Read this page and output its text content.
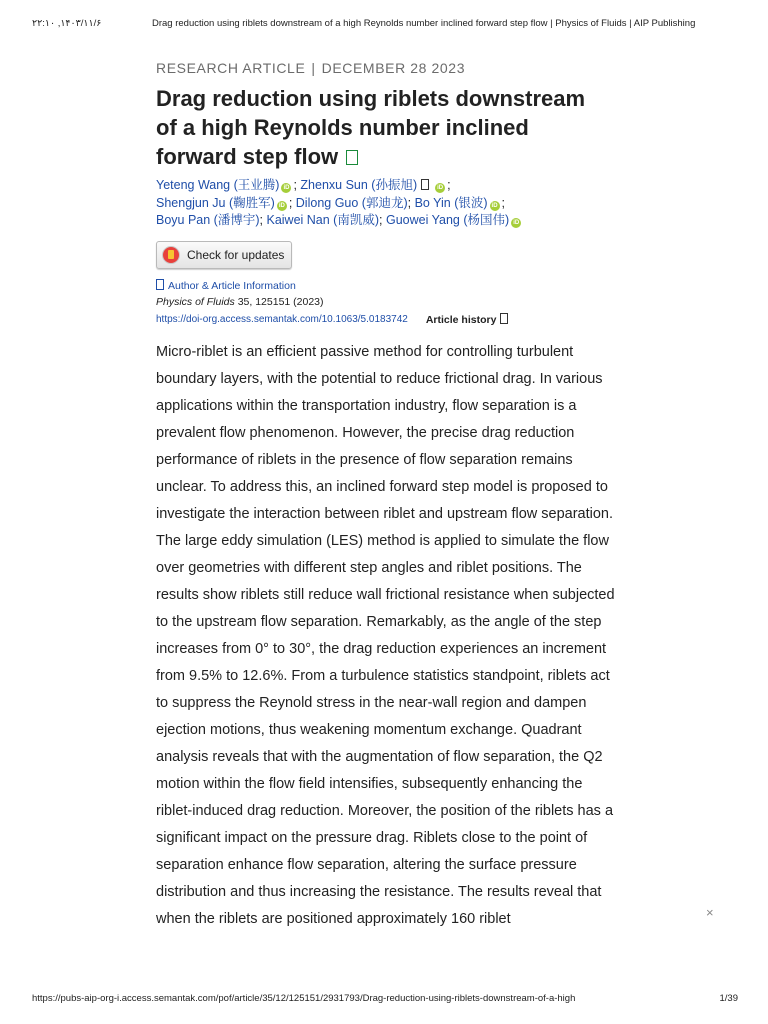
۲۲:۱۰ ,۱۴۰۳/۱۱/۶	Drag reduction using riblets downstream of a high Reynolds number inclined forward step flow | Physics of Fluids | AIP Publishing
RESEARCH ARTICLE | DECEMBER 28 2023
Drag reduction using riblets downstream of a high Reynolds number inclined forward step flow
Yeteng Wang (王业腾) iD ; Zhenxu Sun (孙振旭)	iD ;
Shengjun Ju (鞠胜军) iD ; Dilong Guo (郭迪龙); Bo Yin (银波) iD ;
Boyu Pan (潘博宇); Kaiwei Nan (南凯威); Guowei Yang (杨国伟) iD
Check for updates
Author & Article Information
Physics of Fluids 35, 125151 (2023)
https://doi-org.access.semantak.com/10.1063/5.0183742 Article history
Micro-riblet is an efficient passive method for controlling turbulent boundary layers, with the potential to reduce frictional drag. In various applications within the transportation industry, flow separation is a prevalent flow phenomenon. However, the precise drag reduction performance of riblets in the presence of flow separation remains unclear. To address this, an inclined forward step model is proposed to investigate the interaction between riblet and upstream flow separation. The large eddy simulation (LES) method is applied to simulate the flow over geometries with different step angles and riblet positions. The results show riblets still reduce wall frictional resistance when subjected to the upstream flow separation. Remarkably, as the angle of the step increases from 0° to 30°, the drag reduction experiences an increment from 9.5% to 12.6%. From a turbulence statistics standpoint, riblets act to suppress the Reynold stress in the near-wall region and dampen ejection motions, thus weakening momentum exchange. Quadrant analysis reveals that with the augmentation of flow separation, the Q2 motion within the flow field intensifies, subsequently enhancing the riblet-induced drag reduction. Moreover, the position of the riblets has a significant impact on the pressure drag. Riblets close to the point of separation enhance flow separation, altering the surface pressure distribution and thus increasing the resistance. The results reveal that when the riblets are positioned approximately 160 riblet	×
https://pubs-aip-org-i.access.semantak.com/pof/article/35/12/125151/2931793/Drag-reduction-using-riblets-downstream-of-a-high	1/39
